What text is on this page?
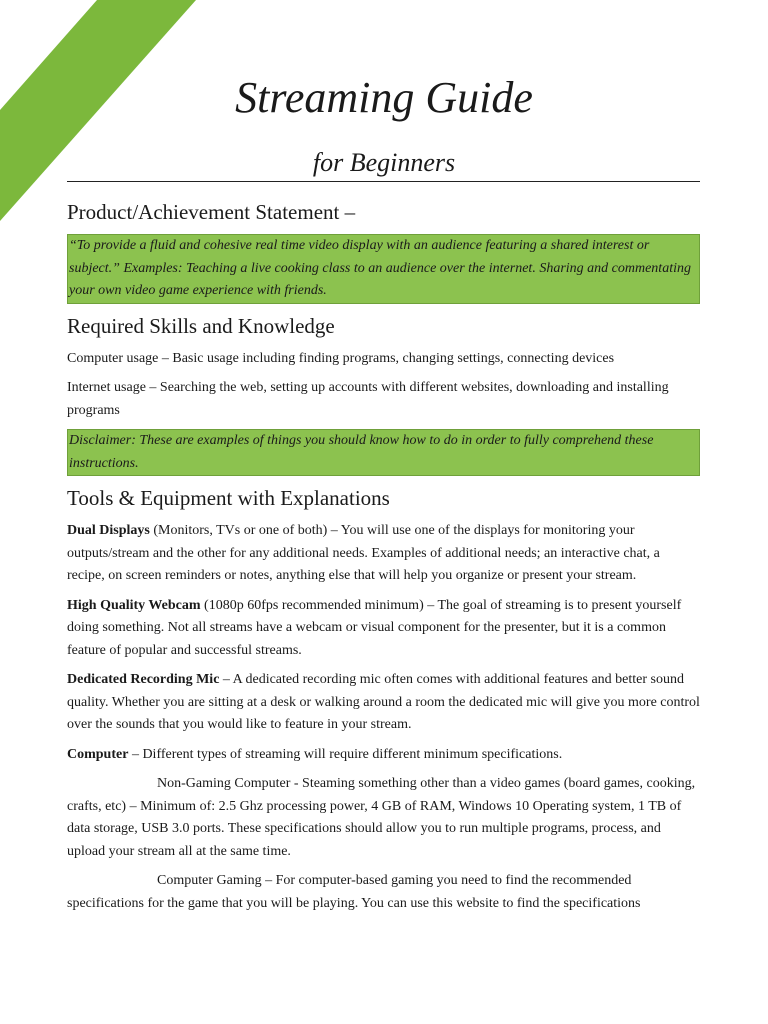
Streaming Guide
for Beginners
Product/Achievement Statement –
“To provide a fluid and cohesive real time video display with an audience featuring a shared interest or subject.” Examples: Teaching a live cooking class to an audience over the internet. Sharing and commentating your own video game experience with friends.
Required Skills and Knowledge

Computer usage – Basic usage including finding programs, changing settings, connecting devices

Internet usage – Searching the web, setting up accounts with different websites, downloading and installing programs

Disclaimer: These are examples of things you should know how to do in order to fully comprehend these instructions.
Tools & Equipment with Explanations

Dual Displays (Monitors, TVs or one of both) – You will use one of the displays for monitoring your outputs/stream and the other for any additional needs. Examples of additional needs; an interactive chat, a recipe, on screen reminders or notes, anything else that will help you organize or present your stream.

High Quality Webcam (1080p 60fps recommended minimum) – The goal of streaming is to present yourself doing something. Not all streams have a webcam or visual component for the presenter, but it is a common feature of popular and successful streams.

Dedicated Recording Mic – A dedicated recording mic often comes with additional features and better sound quality. Whether you are sitting at a desk or walking around a room the dedicated mic will give you more control over the sounds that you would like to feature in your stream.

Computer – Different types of streaming will require different minimum specifications.

Non-Gaming Computer - Steaming something other than a video games (board games, cooking, crafts, etc) – Minimum of: 2.5 Ghz processing power, 4 GB of RAM, Windows 10 Operating system, 1 TB of data storage, USB 3.0 ports. These specifications should allow you to run multiple programs, process, and upload your stream all at the same time.

Computer Gaming – For computer-based gaming you need to find the recommended specifications for the game that you will be playing. You can use this website to find the specifications
